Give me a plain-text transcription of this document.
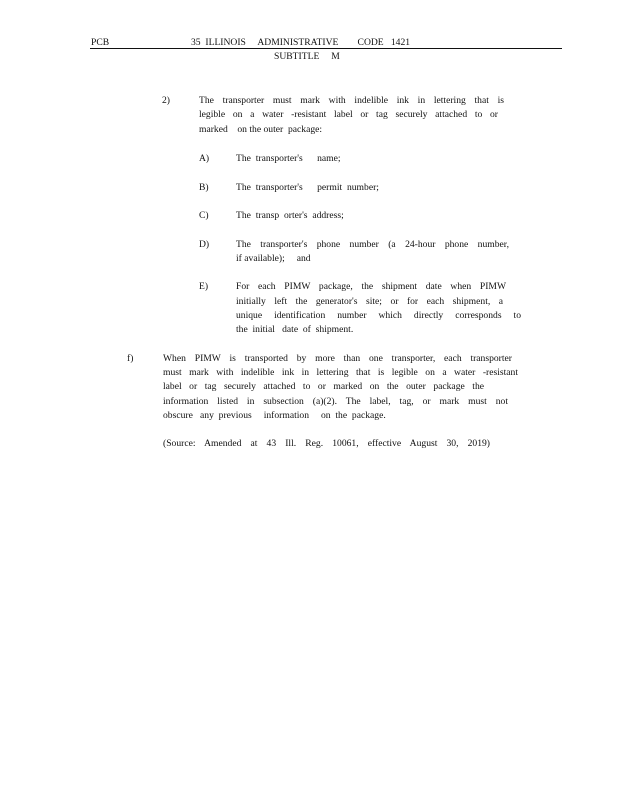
PCB	35  ILLINOIS     ADMINISTRATIVE        CODE   1421
SUBTITLE     M
2)	The transporter must mark with indelible ink in lettering that is
legible on a water -resistant label or tag securely attached to or
marked    on the outer  package:
A)	The  transporter's      name;
B)	The  transporter's      permit  number;
C)	The  transp  orter's  address;
D)	The transporter's phone number (a 24-hour phone number,
if available);     and
E)	For each PIMW package, the shipment date when PIMW
initially left the generator's site; or for each shipment, a
unique identification number which directly corresponds to
the  initial   date  of  shipment.
f)	When PIMW is transported by more than one transporter, each transporter
must mark with indelible ink in lettering that is legible on a water -resistant
label or tag securely attached to or marked on the outer package the
information listed in subsection (a)(2). The label, tag, or mark must not
obscure   any  previous     information     on  the  package.
(Source: Amended at 43 Ill. Reg. 10061, effective August 30, 2019)
